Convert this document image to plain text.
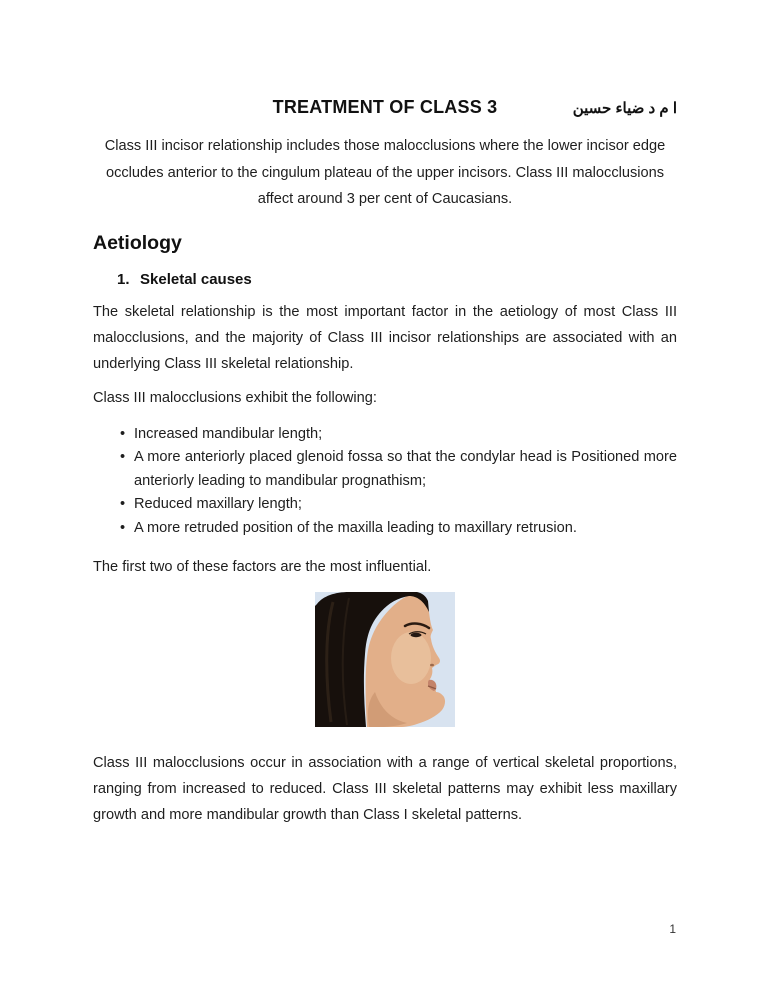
TREATMENT OF CLASS 3	ا م د ضياء حسين

Class III incisor relationship includes those malocclusions where the lower incisor edge occludes anterior to the cingulum plateau of the upper incisors. Class III malocclusions affect around 3 per cent of Caucasians.

Aetiology
1. Skeletal causes

The skeletal relationship is the most important factor in the aetiology of most Class III malocclusions, and the majority of Class III incisor relationships are associated with an underlying Class III skeletal relationship.

Class III malocclusions exhibit the following:

• Increased mandibular length;
• A more anteriorly placed glenoid fossa so that the condylar head is Positioned more anteriorly leading to mandibular prognathism;
• Reduced maxillary length;
• A more retruded position of the maxilla leading to maxillary retrusion.

The first two of these factors are the most influential.

Class III malocclusions occur in association with a range of vertical skeletal proportions, ranging from increased to reduced. Class III skeletal patterns may exhibit less maxillary growth and more mandibular growth than Class I skeletal patterns.

1
